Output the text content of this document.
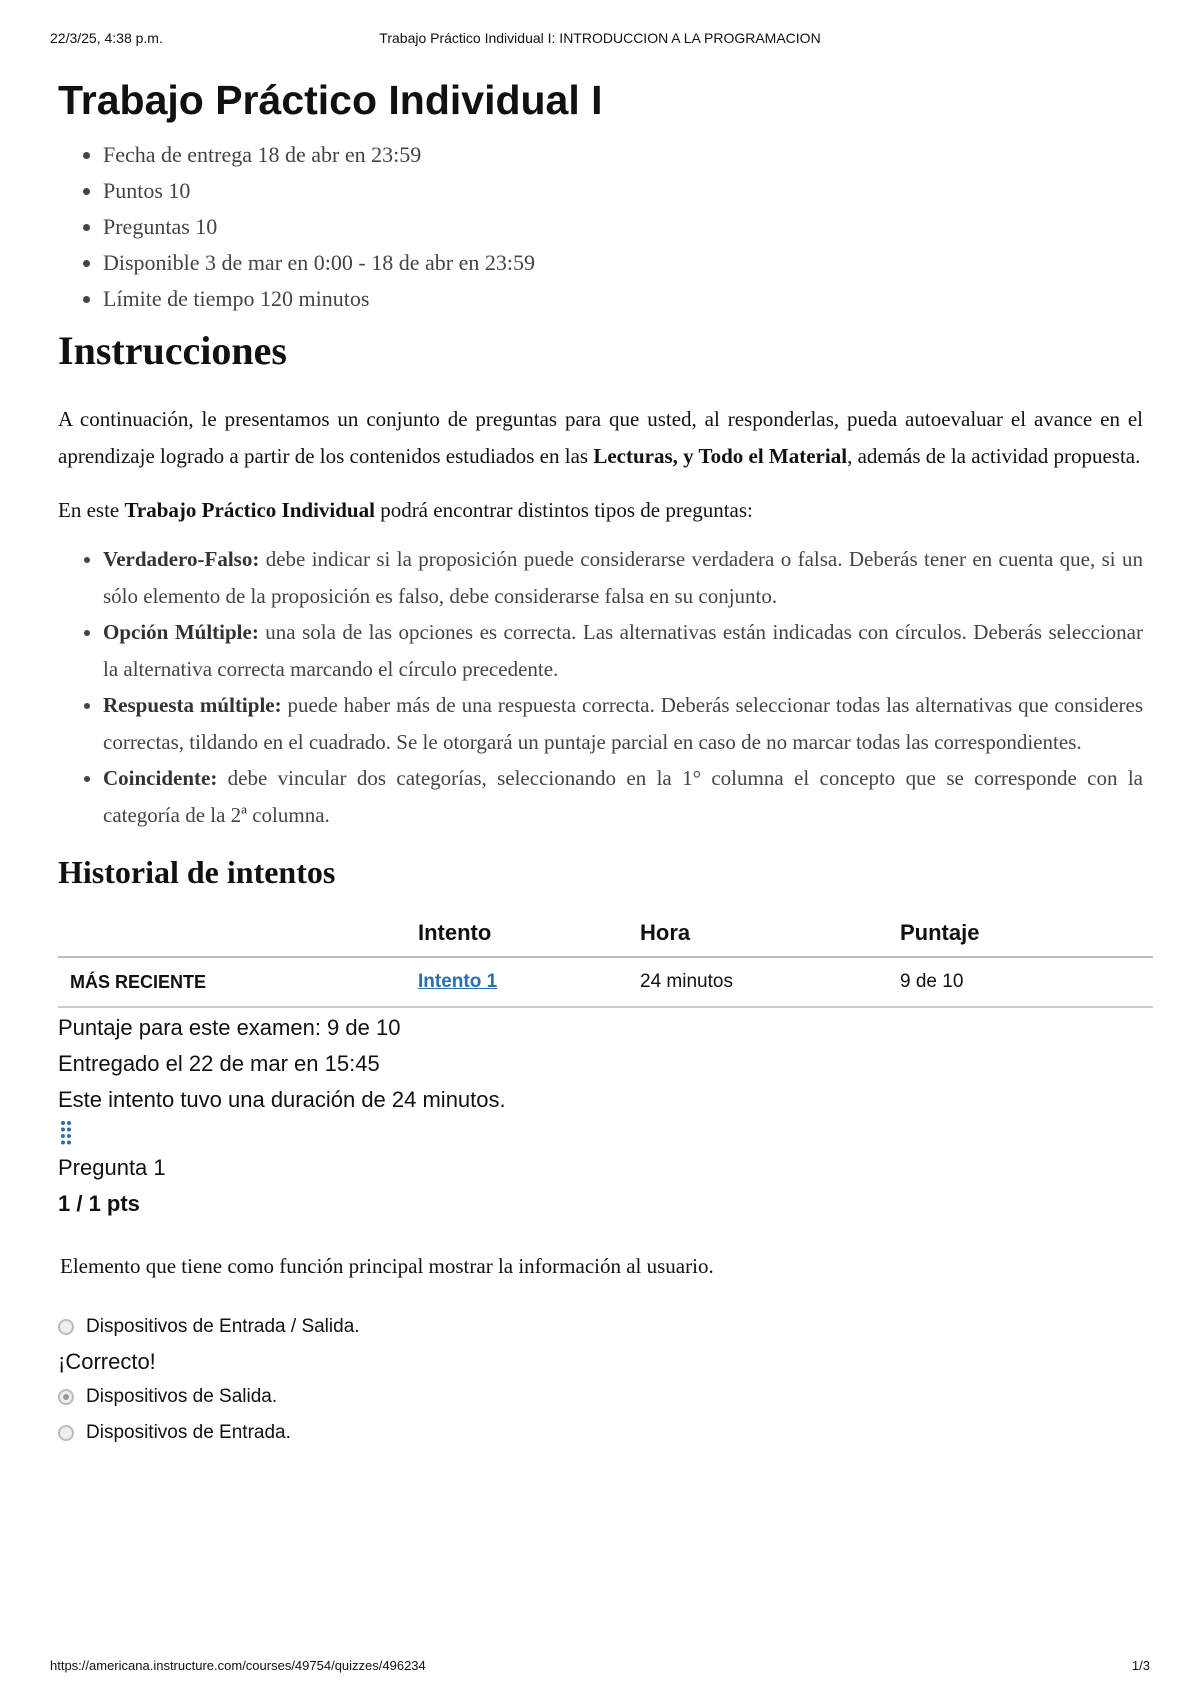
22/3/25, 4:38 p.m.	Trabajo Práctico Individual I: INTRODUCCION A LA PROGRAMACION
Trabajo Práctico Individual I
• Fecha de entrega 18 de abr en 23:59
• Puntos 10
• Preguntas 10
• Disponible 3 de mar en 0:00 - 18 de abr en 23:59
• Límite de tiempo 120 minutos
Instrucciones

A continuación, le presentamos un conjunto de preguntas para que usted, al responderlas, pueda autoevaluar el avance en el aprendizaje logrado a partir de los contenidos estudiados en las Lecturas, y Todo el Material, además de la actividad propuesta.

En este Trabajo Práctico Individual podrá encontrar distintos tipos de preguntas:

• Verdadero-Falso: debe indicar si la proposición puede considerarse verdadera o falsa. Deberás tener en cuenta que, si un sólo elemento de la proposición es falso, debe considerarse falsa en su conjunto.
• Opción Múltiple: una sola de las opciones es correcta. Las alternativas están indicadas con círculos. Deberás seleccionar la alternativa correcta marcando el círculo precedente.
• Respuesta múltiple: puede haber más de una respuesta correcta. Deberás seleccionar todas las alternativas que consideres correctas, tildando en el cuadrado. Se le otorgará un puntaje parcial en caso de no marcar todas las correspondientes.
• Coincidente: debe vincular dos categorías, seleccionando en la 1° columna el concepto que se corresponde con la categoría de la 2ª columna.
Historial de intentos
	Intento	Hora	Puntaje
MÁS RECIENTE	Intento 1	24 minutos	9 de 10
Puntaje para este examen: 9 de 10
Entregado el 22 de mar en 15:45
Este intento tuvo una duración de 24 minutos.
Pregunta 1
1 / 1 pts
Elemento que tiene como función principal mostrar la información al usuario.
Dispositivos de Entrada / Salida.
¡Correcto!
Dispositivos de Salida.
Dispositivos de Entrada.
https://americana.instructure.com/courses/49754/quizzes/496234	1/3
